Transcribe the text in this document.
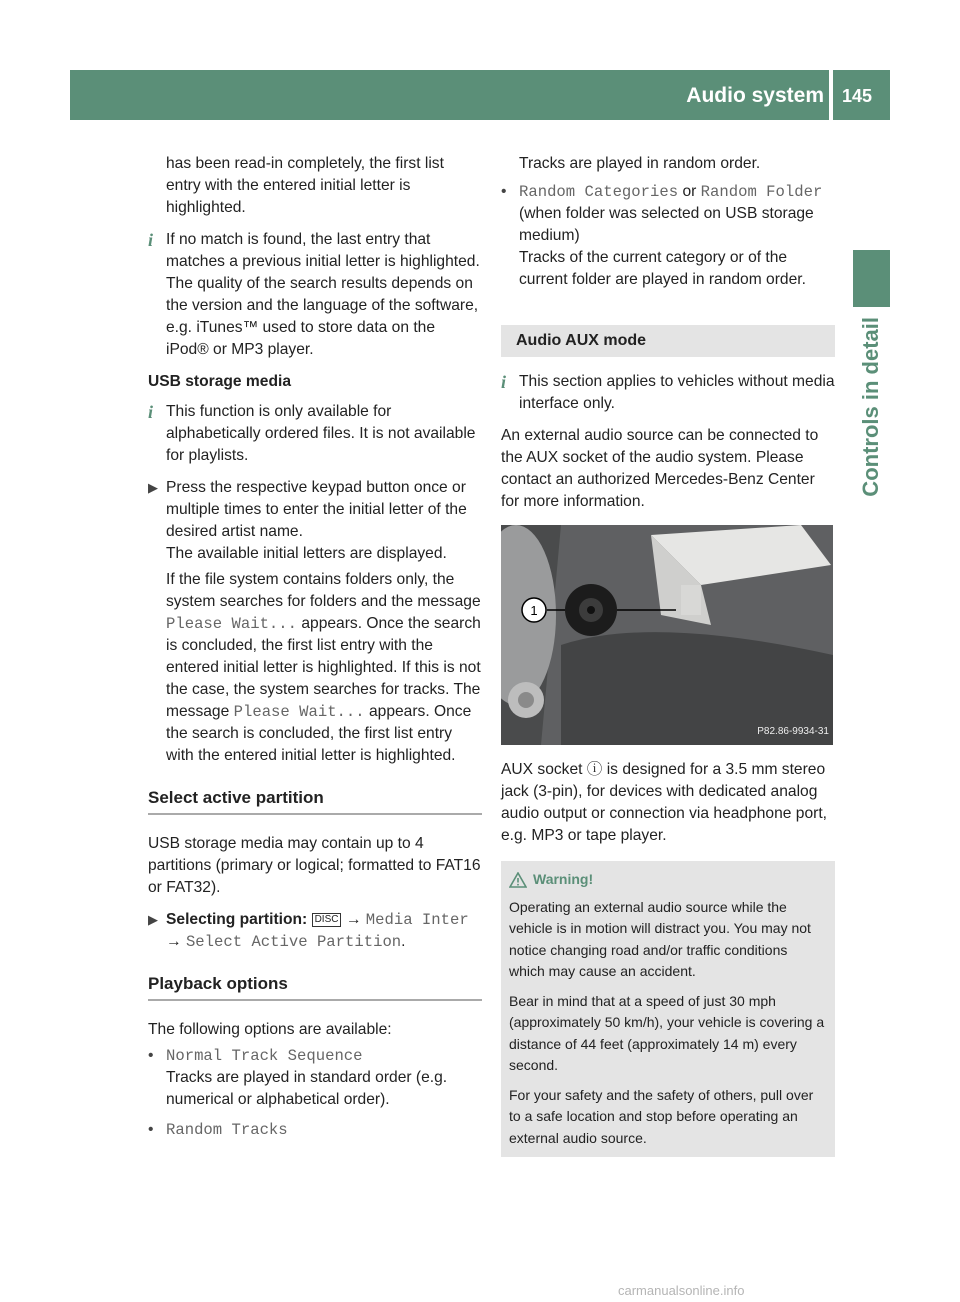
Audio system 145
Controls in detail

has been read-in completely, the first list entry with the entered initial letter is highlighted.

i If no match is found, the last entry that matches a previous initial letter is highlighted.
The quality of the search results depends on the version and the language of the software, e.g. iTunes™ used to store data on the iPod® or MP3 player.

USB storage media

i This function is only available for alphabetically ordered files. It is not available for playlists.
▶ Press the respective keypad button once or multiple times to enter the initial letter of the desired artist name.
The available initial letters are displayed.
If the file system contains folders only, the system searches for folders and the message Please Wait... appears. Once the search is concluded, the first list entry with the entered initial letter is highlighted. If this is not the case, the system searches for tracks. The message Please Wait... appears. Once the search is concluded, the first list entry with the entered initial letter is highlighted.
Select active partition

USB storage media may contain up to 4 partitions (primary or logical; formatted to FAT16 or FAT32).

▶ Selecting partition: DISC → Media Inter → Select Active Partition.
Playback options

The following options are available:

• Normal Track Sequence
Tracks are played in standard order (e.g. numerical or alphabetical order).
• Random Tracks

Tracks are played in random order.

• Random Categories or Random Folder
(when folder was selected on USB storage medium)
Tracks of the current category or of the current folder are played in random order.
Audio AUX mode
i This section applies to vehicles without media interface only.

An external audio source can be connected to the AUX socket of the audio system. Please contact an authorized Mercedes-Benz Center for more information.

1
P82.86-9934-31

AUX socket ⓘ is designed for a 3.5 mm stereo jack (3-pin), for devices with dedicated analog audio output or connection via headphone port, e.g. MP3 or tape player.

Warning!

Operating an external audio source while the vehicle is in motion will distract you. You may not notice changing road and/or traffic conditions which may cause an accident.

Bear in mind that at a speed of just 30 mph (approximately 50 km/h), your vehicle is covering a distance of 44 feet (approximately 14 m) every second.

For your safety and the safety of others, pull over to a safe location and stop before operating an external audio source.

carmanualsonline.info
